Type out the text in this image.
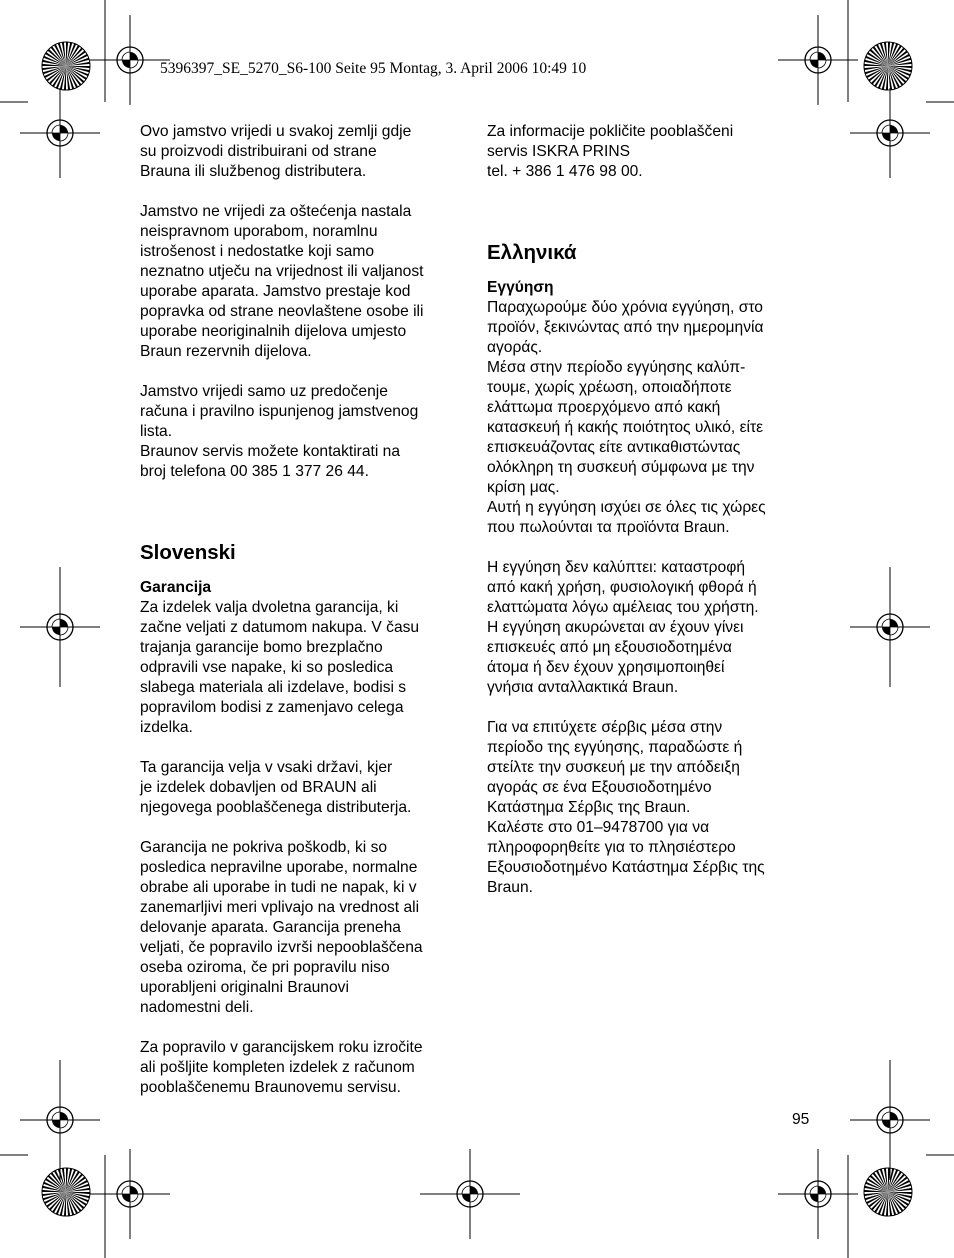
5396397_SE_5270_S6-100 Seite 95 Montag, 3. April 2006 10:49 10

Ovo jamstvo vrijedi u svakoj zemlji gdje
su proizvodi distribuirani od strane
Brauna ili službenog distributera.

Jamstvo ne vrijedi za oštećenja nastala
neispravnom uporabom, noramlnu
istrošenost i nedostatke koji samo
neznatno utječu na vrijednost ili valjanost
uporabe aparata. Jamstvo prestaje kod
popravka od strane neovlaštene osobe ili
uporabe neoriginalnih dijelova umjesto
Braun rezervnih dijelova.

Jamstvo vrijedi samo uz predočenje
računa i pravilno ispunjenog jamstvenog
lista.
Braunov servis možete kontaktirati na
broj telefona 00 385 1 377 26 44.

Slovenski
Garancija

Za izdelek valja dvoletna garancija, ki
začne veljati z datumom nakupa. V času
trajanja garancije bomo brezplačno
odpravili vse napake, ki so posledica
slabega materiala ali izdelave, bodisi s
popravilom bodisi z zamenjavo celega
izdelka.

Ta garancija velja v vsaki državi, kjer
je izdelek dobavljen od BRAUN ali
njegovega pooblaščenega distributerja.

Garancija ne pokriva poškodb, ki so
posledica nepravilne uporabe, normalne
obrabe ali uporabe in tudi ne napak, ki v
zanemarljivi meri vplivajo na vrednost ali
delovanje aparata. Garancija preneha
veljati, če popravilo izvrši nepooblaščena
oseba oziroma, če pri popravilu niso
uporabljeni originalni Braunovi
nadomestni deli.

Za popravilo v garancijskem roku izročite
ali pošljite kompleten izdelek z računom
pooblaščenemu Braunovemu servisu.

Za informacije pokličite pooblaščeni
servis ISKRA PRINS
tel. + 386 1 476 98 00.

Ελληνικά
Εγγύηση

Παραχωρούμε δύο χρόνια εγγύηση, στο
προϊόν, ξεκινώντας από την ημερομηνία
αγοράς.
Μέσα στην περίοδο εγγύησης καλύπ-
τουμε, χωρίς χρέωση, οποιαδήποτε
ελάττωμα προερχόμενο από κακή
κατασκευή ή κακής ποιότητος υλικό, είτε
επισκευάζοντας είτε αντικαθιστώντας
ολόκληρη τη συσκευή σύμφωνα με την
κρίση μας.
Αυτή η εγγύηση ισχύει σε όλες τις χώρες
που πωλούνται τα προϊόντα Braun.

Η εγγύηση δεν καλύπτει: καταστροφή
από κακή χρήση, φυσιολογική φθορά ή
ελαττώματα λόγω αμέλειας του χρήστη.
Η εγγύηση ακυρώνεται αν έχουν γίνει
επισκευές από μη εξουσιοδοτημένα
άτομα ή δεν έχουν χρησιμοποιηθεί
γνήσια ανταλλακτικά Braun.

Για να επιτύχετε σέρβις μέσα στην
περίοδο της εγγύησης, παραδώστε ή
στείλτε την συσκευή με την απόδειξη
αγοράς σε ένα Εξουσιοδοτημένο
Κατάστημα Σέρβις της Braun.
Καλέστε στο 01–9478700 για να
πληροφορηθείτε για το πλησιέστερο
Εξουσιοδοτημένο Κατάστημα Σέρβις της
Braun.

95
